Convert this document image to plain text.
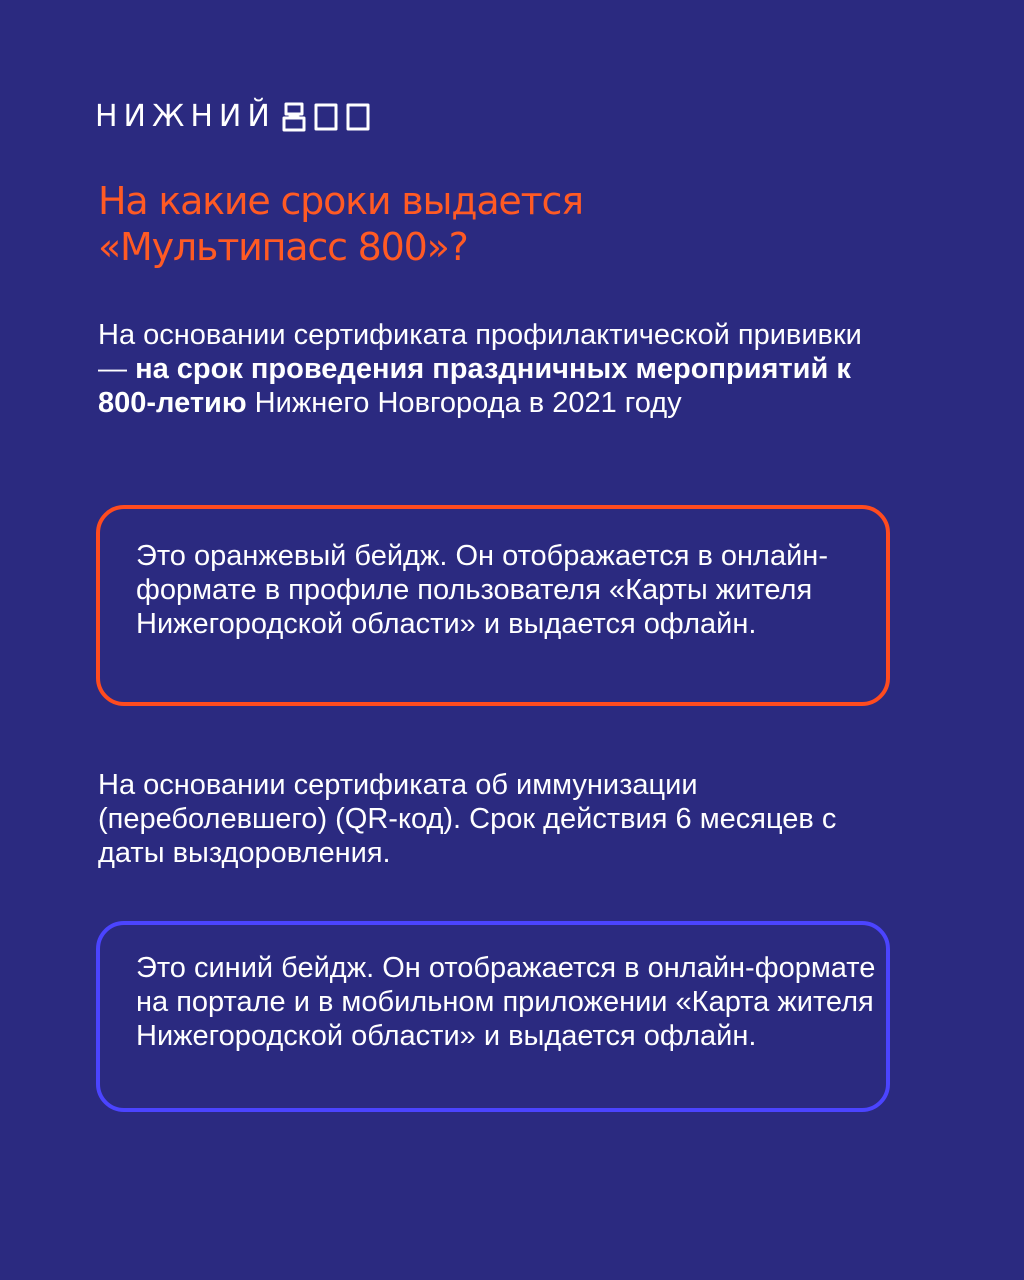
НИЖНИЙ
На какие сроки выдается
«Мультипасс 800»?

На основании сертификата профилактической прививки — на срок проведения праздничных мероприятий к 800-летию Нижнего Новгорода в 2021 году

Это оранжевый бейдж. Он отображается в онлайн-формате в профиле пользователя «Карты жителя Нижегородской области» и выдается офлайн.

На основании сертификата об иммунизации (переболевшего) (QR-код). Срок действия 6 месяцев с даты выздоровления.

Это синий бейдж. Он отображается в онлайн-формате на портале и в мобильном приложении «Карта жителя Нижегородской области» и выдается офлайн.
